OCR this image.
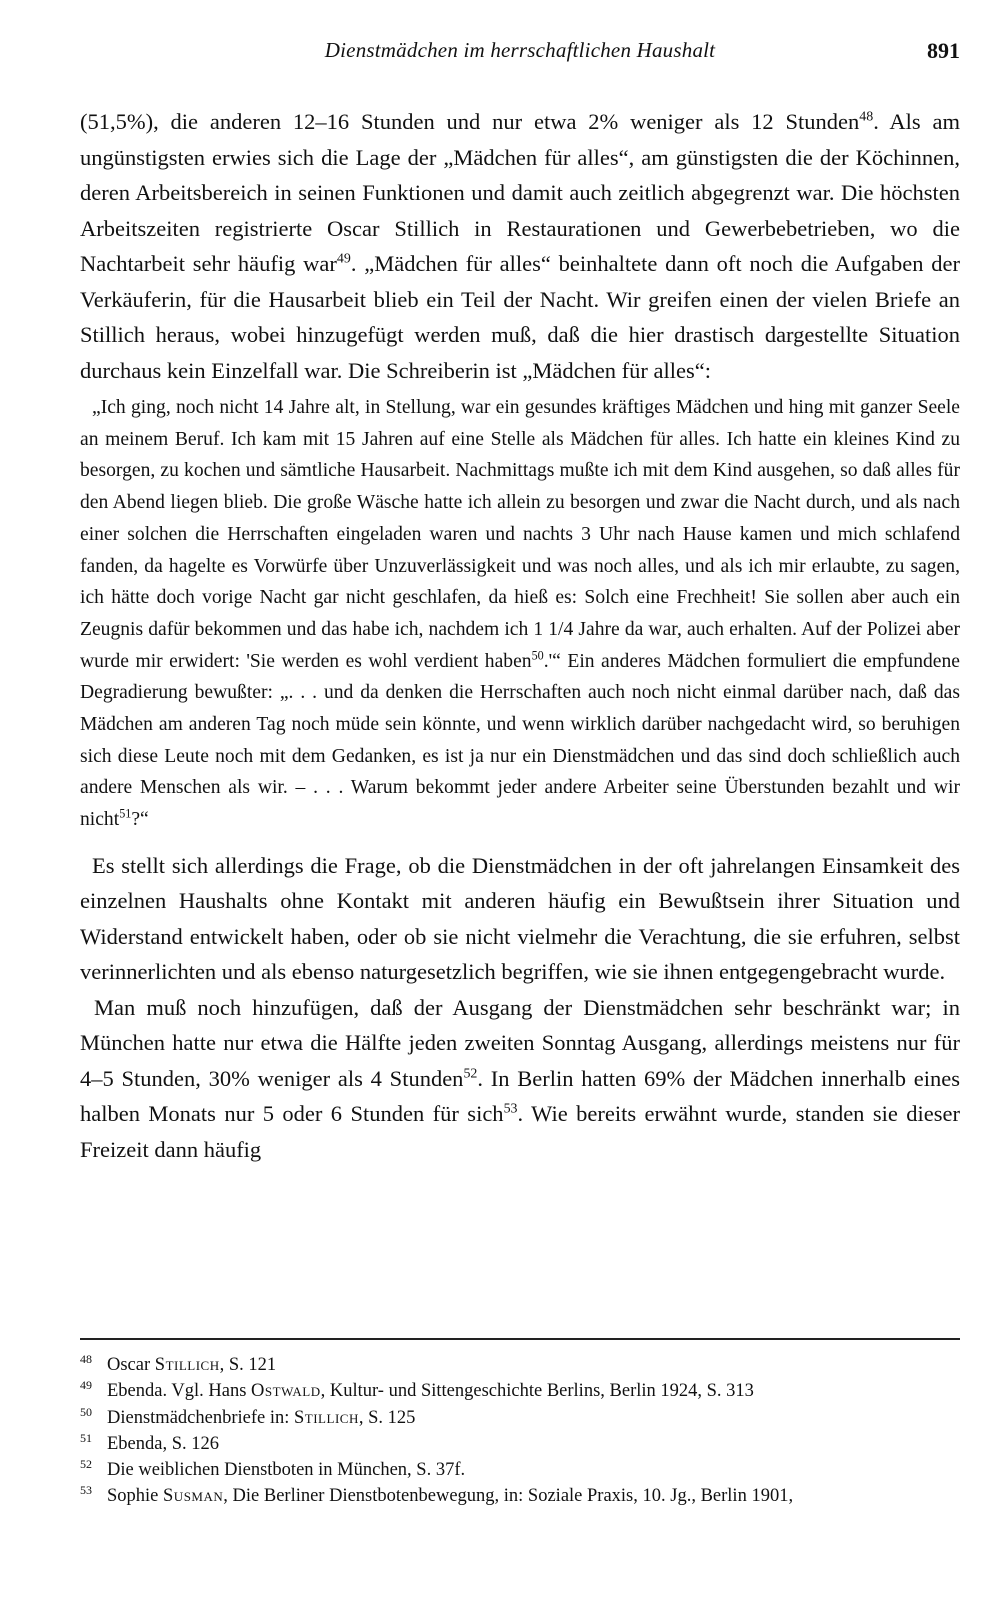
Dienstmädchen im herrschaftlichen Haushalt	891

(51,5%), die anderen 12–16 Stunden und nur etwa 2% weniger als 12 Stunden$^{48}$. Als am ungünstigsten erwies sich die Lage der „Mädchen für alles“, am günstigsten die der Köchinnen, deren Arbeitsbereich in seinen Funktionen und damit auch zeitlich abgegrenzt war. Die höchsten Arbeitszeiten registrierte Oscar Stillich in Restaurationen und Gewerbebetrieben, wo die Nachtarbeit sehr häufig war$^{49}$. „Mädchen für alles“ beinhaltete dann oft noch die Aufgaben der Verkäuferin, für die Hausarbeit blieb ein Teil der Nacht. Wir greifen einen der vielen Briefe an Stillich heraus, wobei hinzugefügt werden muß, daß die hier drastisch dargestellte Situation durchaus kein Einzelfall war. Die Schreiberin ist „Mädchen für alles“:

„Ich ging, noch nicht 14 Jahre alt, in Stellung, war ein gesundes kräftiges Mädchen und hing mit ganzer Seele an meinem Beruf. Ich kam mit 15 Jahren auf eine Stelle als Mädchen für alles. Ich hatte ein kleines Kind zu besorgen, zu kochen und sämtliche Hausarbeit. Nachmittags mußte ich mit dem Kind ausgehen, so daß alles für den Abend liegen blieb. Die große Wäsche hatte ich allein zu besorgen und zwar die Nacht durch, und als nach einer solchen die Herrschaften eingeladen waren und nachts 3 Uhr nach Hause kamen und mich schlafend fanden, da hagelte es Vorwürfe über Unzuverlässigkeit und was noch alles, und als ich mir erlaubte, zu sagen, ich hätte doch vorige Nacht gar nicht geschlafen, da hieß es: Solch eine Frechheit! Sie sollen aber auch ein Zeugnis dafür bekommen und das habe ich, nachdem ich 1 1/4 Jahre da war, auch erhalten. Auf der Polizei aber wurde mir erwidert: 'Sie werden es wohl verdient haben$^{50}$.'“ Ein anderes Mädchen formuliert die empfundene Degradierung bewußter: „. . . und da denken die Herrschaften auch noch nicht einmal darüber nach, daß das Mädchen am anderen Tag noch müde sein könnte, und wenn wirklich darüber nachgedacht wird, so beruhigen sich diese Leute noch mit dem Gedanken, es ist ja nur ein Dienstmädchen und das sind doch schließlich auch andere Menschen als wir. – . . . Warum bekommt jeder andere Arbeiter seine Überstunden bezahlt und wir nicht$^{51}$?“

Es stellt sich allerdings die Frage, ob die Dienstmädchen in der oft jahrelangen Einsamkeit des einzelnen Haushalts ohne Kontakt mit anderen häufig ein Bewußtsein ihrer Situation und Widerstand entwickelt haben, oder ob sie nicht vielmehr die Verachtung, die sie erfuhren, selbst verinnerlichten und als ebenso naturgesetzlich begriffen, wie sie ihnen entgegengebracht wurde.

Man muß noch hinzufügen, daß der Ausgang der Dienstmädchen sehr beschränkt war; in München hatte nur etwa die Hälfte jeden zweiten Sonntag Ausgang, allerdings meistens nur für 4–5 Stunden, 30% weniger als 4 Stunden$^{52}$. In Berlin hatten 69% der Mädchen innerhalb eines halben Monats nur 5 oder 6 Stunden für sich$^{53}$. Wie bereits erwähnt wurde, standen sie dieser Freizeit dann häufig

48 Oscar Stillich, S. 121
49 Ebenda. Vgl. Hans Ostwald, Kultur- und Sittengeschichte Berlins, Berlin 1924, S. 313
50 Dienstmädchenbriefe in: Stillich, S. 125
51 Ebenda, S. 126
52 Die weiblichen Dienstboten in München, S. 37f.
53 Sophie Susman, Die Berliner Dienstbotenbewegung, in: Soziale Praxis, 10. Jg., Berlin 1901,
